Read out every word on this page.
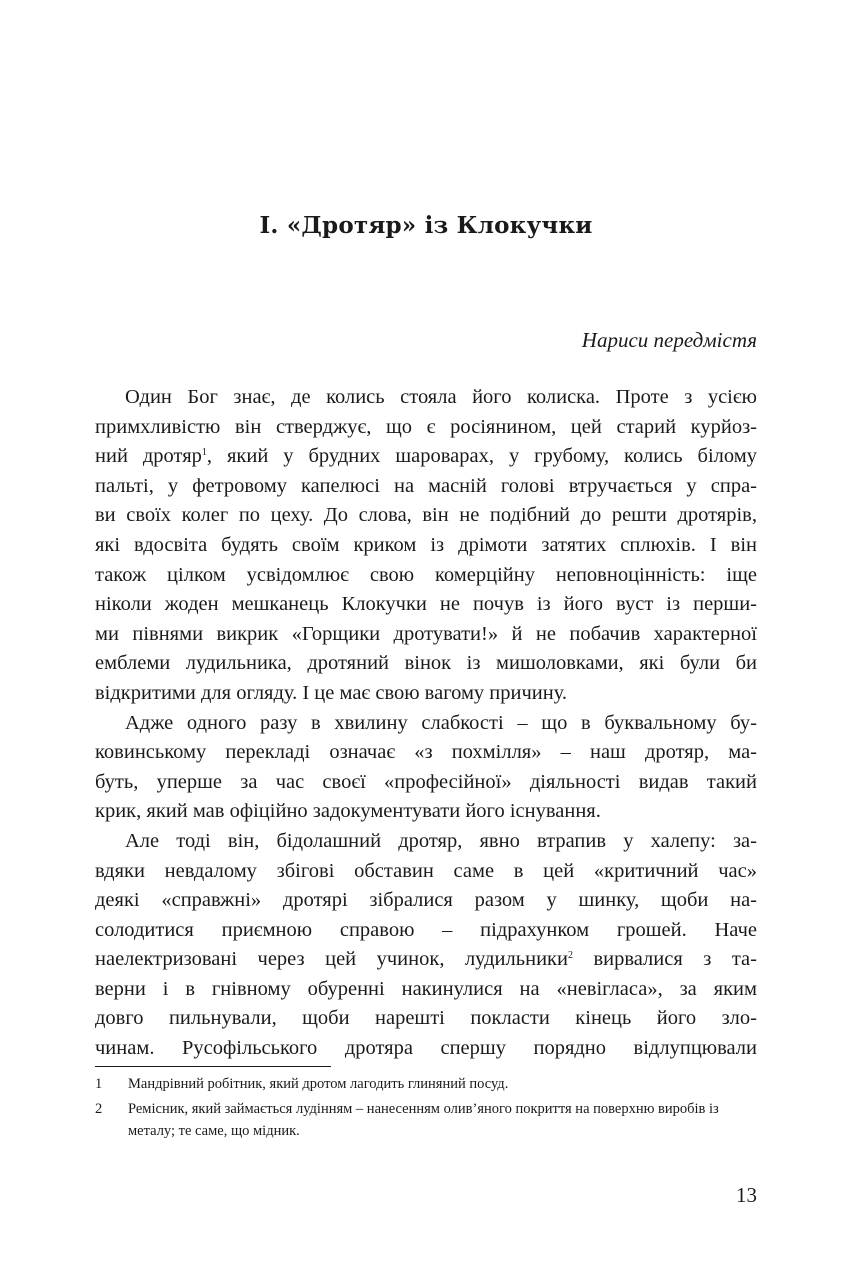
І. «Дротяр» із Клокучки
Нариси передмістя
Один Бог знає, де колись стояла його колиска. Проте з усією
примхливістю він стверджує, що є росіянином, цей старий курйоз-
ний дротяр$^1$, який у брудних шароварах, у грубому, колись білому
пальті, у фетровому капелюсі на масній голові втручається у спра-
ви своїх колег по цеху. До слова, він не подібний до решти дротярів,
які вдосвіта будять своїм криком із дрімоти затятих сплюхів. І він
також цілком усвідомлює свою комерційну неповноцінність: іще
ніколи жоден мешканець Клокучки не почув із його вуст із перши-
ми півнями викрик «Горщики дротувати!» й не побачив характерної
емблеми лудильника, дротяний вінок із мишоловками, які були би
відкритими для огляду. І це має свою вагому причину.
Адже одного разу в хвилину слабкості – що в буквальному бу-
ковинському перекладі означає «з похмілля» – наш дротяр, ма-
буть, уперше за час своєї «професійної» діяльності видав такий
крик, який мав офіційно задокументувати його існування.
Але тоді він, бідолашний дротяр, явно втрапив у халепу: за-
вдяки невдалому збігові обставин саме в цей «критичний час»
деякі «справжні» дротярі зібралися разом у шинку, щоби на-
солодитися приємною справою – підрахунком грошей. Наче
наелектризовані через цей учинок, лудильники$^2$ вирвалися з та-
верни і в гнівному обуренні накинулися на «невігласа», за яким
довго пильнували, щоби нарешті покласти кінець його зло-
чинам. Русофільського дротяра спершу порядно відлупцювали
1 Мандрівний робітник, який дротом лагодить глиняний посуд.
2 Ремісник, який займається лудінням – нанесенням олив’яного покриття на поверхню виробів із металу; те саме, що мідник.
13
